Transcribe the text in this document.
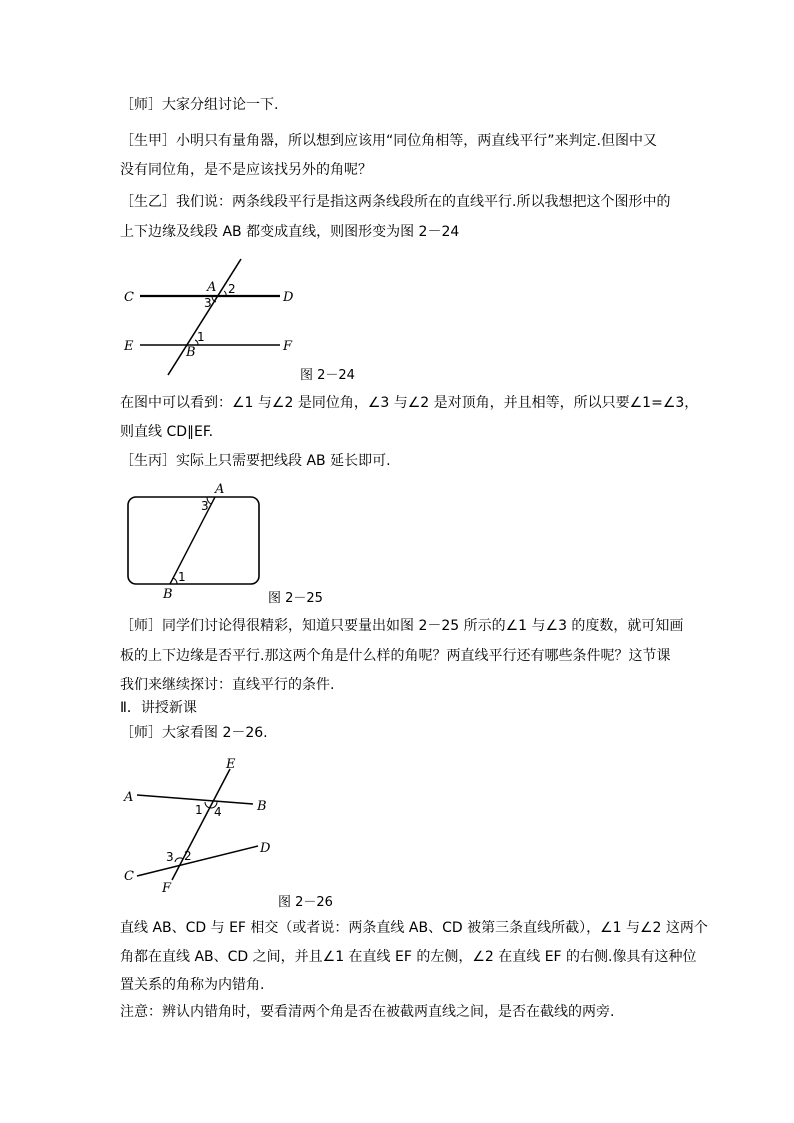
［师］大家分组讨论一下.
［生甲］小明只有量角器，所以想到应该用“同位角相等，两直线平行”来判定.但图中又
没有同位角，是不是应该找另外的角呢？
［生乙］我们说：两条线段平行是指这两条线段所在的直线平行.所以我想把这个图形中的
上下边缘及线段 AB 都变成直线，则图形变为图 2－24
C	D
E	F
A
B
2
3
1
图 2－24
在图中可以看到：∠1 与∠2 是同位角，∠3 与∠2 是对顶角，并且相等，所以只要∠1=∠3，
则直线 CD∥EF.
［生丙］实际上只需要把线段 AB 延长即可.
A
B
3
1
图 2－25
［师］同学们讨论得很精彩，知道只要量出如图 2－25 所示的∠1 与∠3 的度数，就可知画
板的上下边缘是否平行.那这两个角是什么样的角呢？两直线平行还有哪些条件呢？这节课
我们来继续探讨：直线平行的条件.
Ⅱ．讲授新课
［师］大家看图 2－26.
E
A
B
D
C
F
1 4
3 2
图 2－26
直线 AB、CD 与 EF 相交（或者说：两条直线 AB、CD 被第三条直线所截），∠1 与∠2 这两个
角都在直线 AB、CD 之间，并且∠1 在直线 EF 的左侧，∠2 在直线 EF 的右侧.像具有这种位
置关系的角称为内错角.
注意：辨认内错角时，要看清两个角是否在被截两直线之间，是否在截线的两旁.
